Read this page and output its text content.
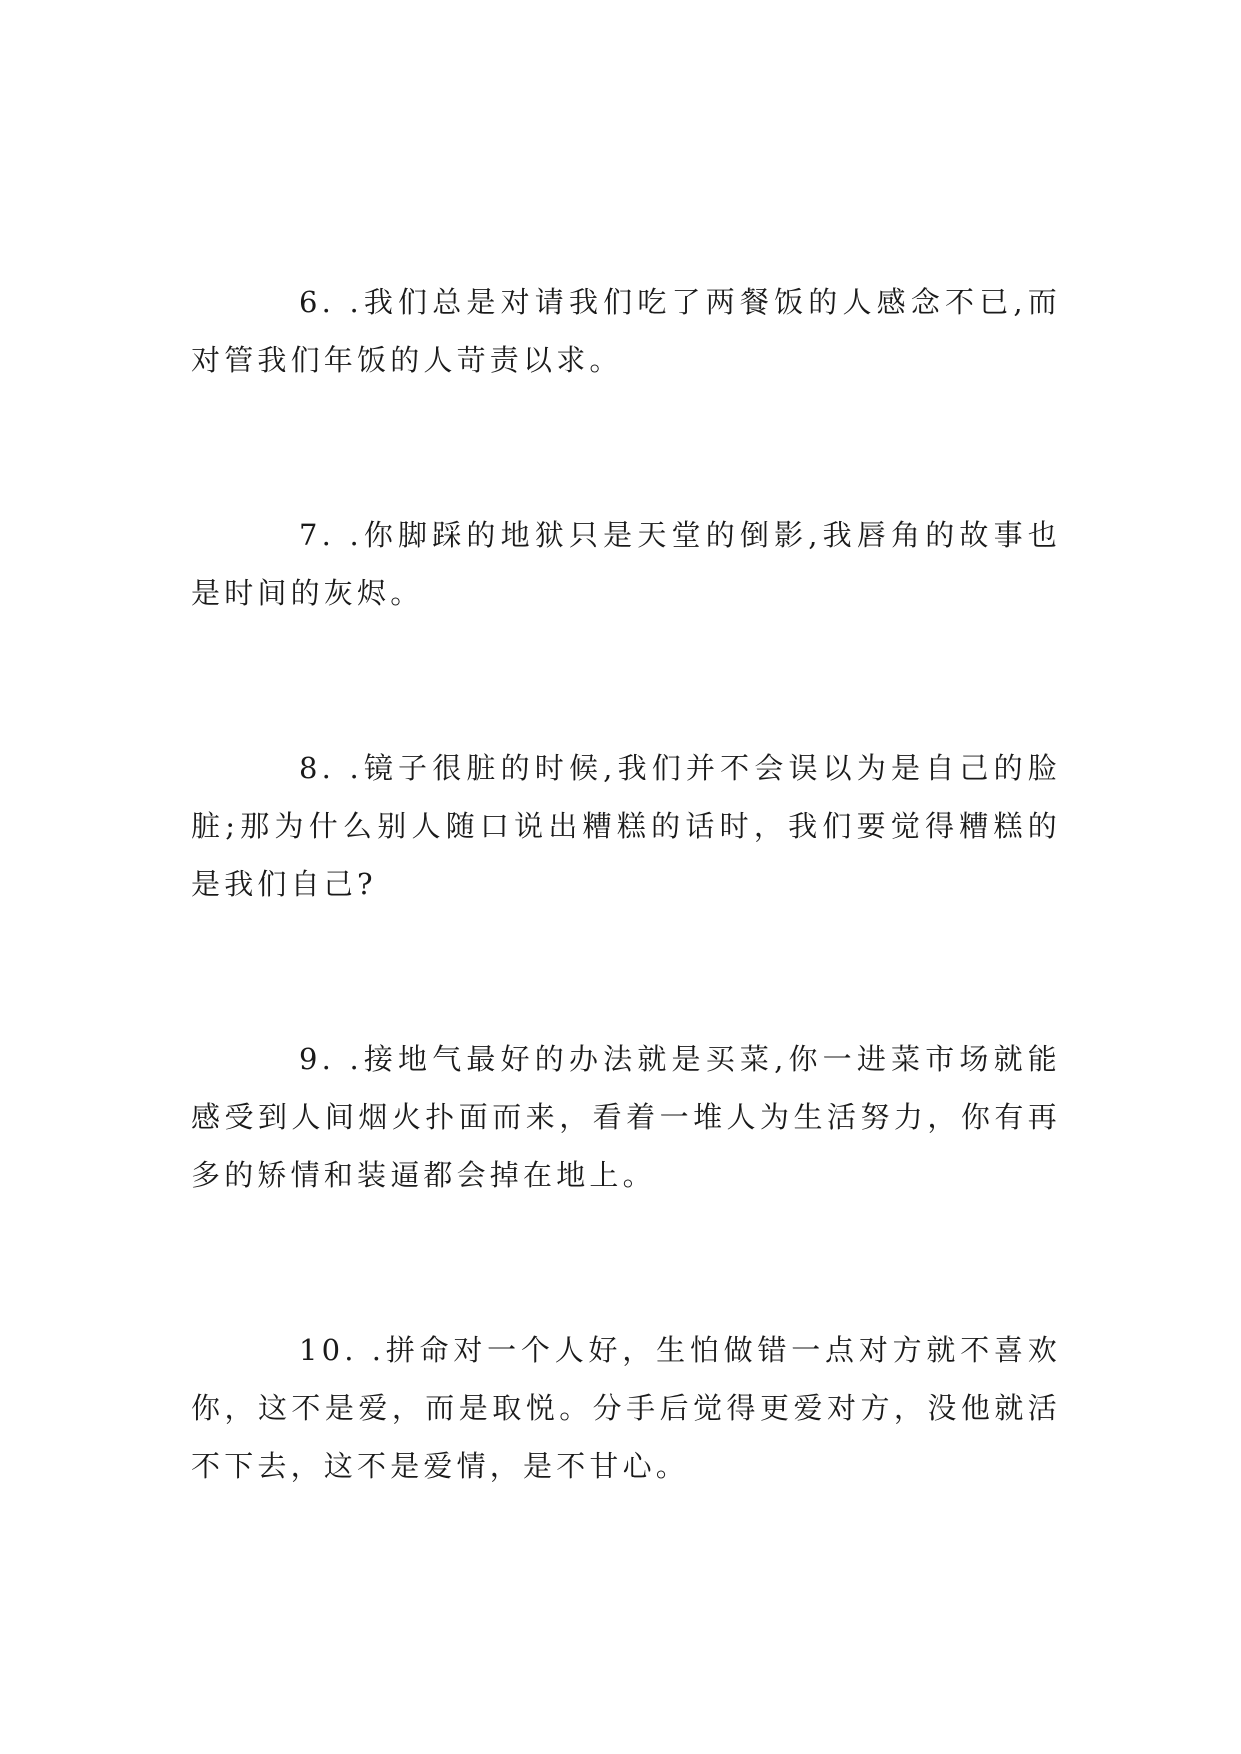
6. .我们总是对请我们吃了两餐饭的人感念不已,而对管我们年饭的人苛责以求。

7. .你脚踩的地狱只是天堂的倒影,我唇角的故事也是时间的灰烬。

8. .镜子很脏的时候,我们并不会误以为是自己的脸脏;那为什么别人随口说出糟糕的话时，我们要觉得糟糕的是我们自己?

9. .接地气最好的办法就是买菜,你一进菜市场就能感受到人间烟火扑面而来，看着一堆人为生活努力，你有再多的矫情和装逼都会掉在地上。

10. .拼命对一个人好，生怕做错一点对方就不喜欢你，这不是爱，而是取悦。分手后觉得更爱对方，没他就活不下去，这不是爱情，是不甘心。
